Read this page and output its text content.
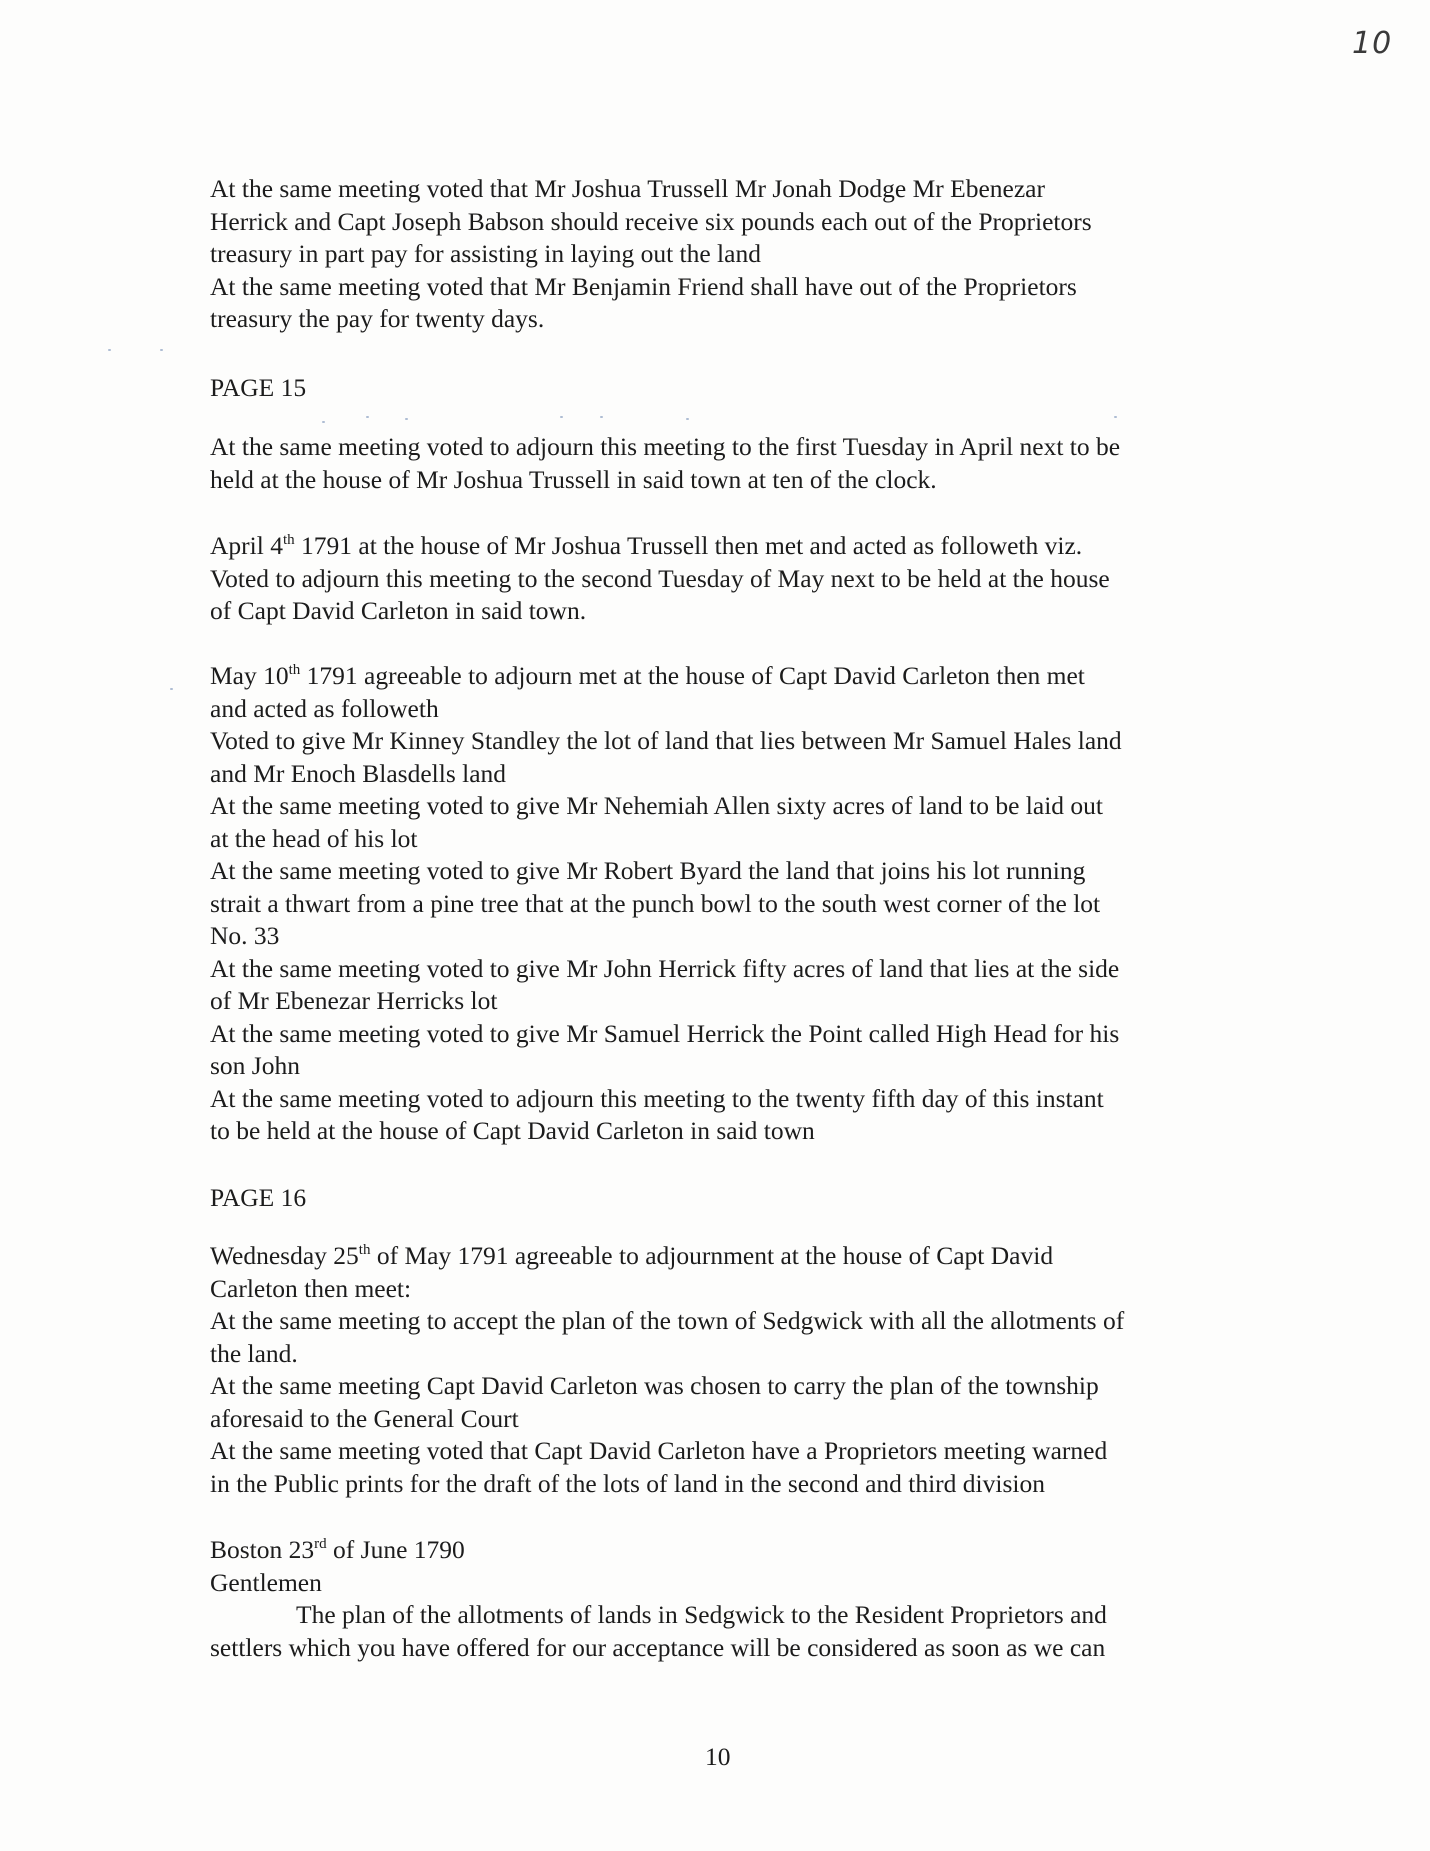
10
At the same meeting voted that Mr Joshua Trussell Mr Jonah Dodge Mr Ebenezar
Herrick and Capt Joseph Babson should receive six pounds each out of the Proprietors
treasury in part pay for assisting in laying out the land
At the same meeting voted that Mr Benjamin Friend shall have out of the Proprietors
treasury the pay for twenty days.
PAGE 15
At the same meeting voted to adjourn this meeting to the first Tuesday in April next to be
held at the house of Mr Joshua Trussell in said town at ten of the clock.
April 4th 1791 at the house of Mr Joshua Trussell then met and acted as followeth viz.
Voted to adjourn this meeting to the second Tuesday of May next to be held at the house
of Capt David Carleton in said town.
May 10th 1791 agreeable to adjourn met at the house of Capt David Carleton then met
and acted as followeth
Voted to give Mr Kinney Standley the lot of land that lies between Mr Samuel Hales land
and Mr Enoch Blasdells land
At the same meeting voted to give Mr Nehemiah Allen sixty acres of land to be laid out
at the head of his lot
At the same meeting voted to give Mr Robert Byard the land that joins his lot running
strait a thwart from a pine tree that at the punch bowl to the south west corner of the lot
No. 33
At the same meeting voted to give Mr John Herrick fifty acres of land that lies at the side
of Mr Ebenezar Herricks lot
At the same meeting voted to give Mr Samuel Herrick the Point called High Head for his
son John
At the same meeting voted to adjourn this meeting to the twenty fifth day of this instant
to be held at the house of Capt David Carleton in said town
PAGE 16
Wednesday 25th of May 1791 agreeable to adjournment at the house of Capt David
Carleton then meet:
At the same meeting to accept the plan of the town of Sedgwick with all the allotments of
the land.
At the same meeting Capt David Carleton was chosen to carry the plan of the township
aforesaid to the General Court
At the same meeting voted that Capt David Carleton have a Proprietors meeting warned
in the Public prints for the draft of the lots of land in the second and third division
Boston 23rd of June 1790
Gentlemen
The plan of the allotments of lands in Sedgwick to the Resident Proprietors and
settlers which you have offered for our acceptance will be considered as soon as we can
10
